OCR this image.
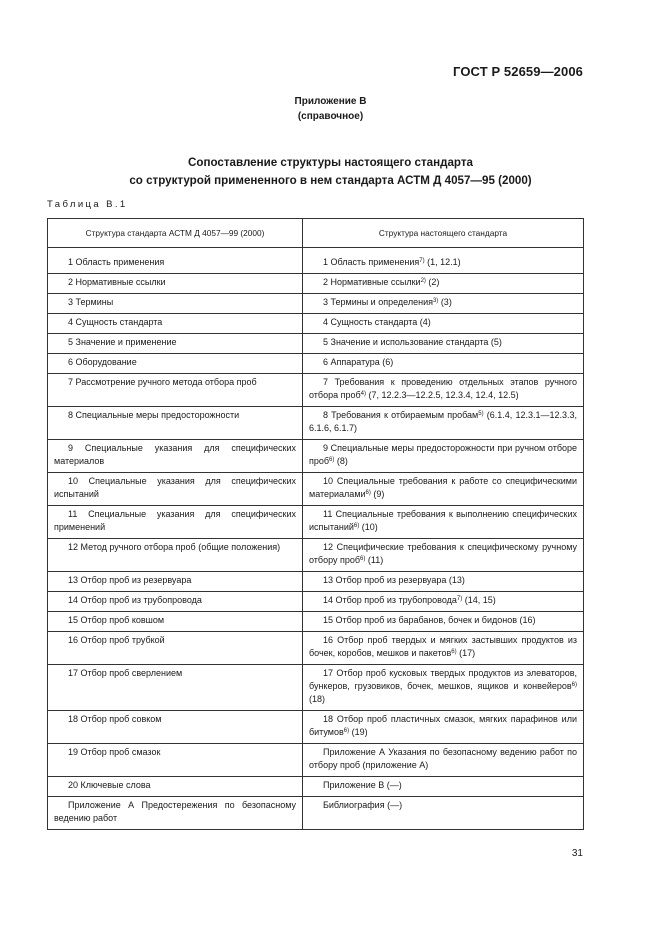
ГОСТ Р 52659—2006
Приложение В
(справочное)
Сопоставление структуры настоящего стандарта
со структурой примененного в нем стандарта АСТМ Д 4057—95 (2000)
Таблица В.1
Структура стандарта АСТМ Д 4057—99 (2000)	Структура настоящего стандарта
1 Область применения	1 Область применения$^{7)}$ (1, 12.1)
2 Нормативные ссылки	2 Нормативные ссылки$^{2)}$ (2)
3 Термины	3 Термины и определения$^{3)}$ (3)
4 Сущность стандарта	4 Сущность стандарта (4)
5 Значение и применение	5 Значение и использование стандарта (5)
6 Оборудование	6 Аппаратура (6)
7 Рассмотрение ручного метода отбора проб	7 Требования к проведению отдельных этапов ручного отбора проб$^{4)}$ (7, 12.2.3—12.2.5, 12.3.4, 12.4, 12.5)
8 Специальные меры предосторожности	8 Требования к отбираемым пробам$^{5)}$ (6.1.4, 12.3.1—12.3.3, 6.1.6, 6.1.7)
9 Специальные указания для специфических материалов	9 Специальные меры предосторожности при ручном отборе проб$^{6)}$ (8)
10 Специальные указания для специфических испытаний	10 Специальные требования к работе со специфическими материалами$^{6)}$ (9)
11 Специальные указания для специфических применений	11 Специальные требования к выполнению специфических испытаний$^{6)}$ (10)
12 Метод ручного отбора проб (общие положения)	12 Специфические требования к специфическому ручному отбору проб$^{6)}$ (11)
13 Отбор проб из резервуара	13 Отбор проб из резервуара (13)
14 Отбор проб из трубопровода	14 Отбор проб из трубопровода$^{7)}$ (14, 15)
15 Отбор проб ковшом	15 Отбор проб из барабанов, бочек и бидонов (16)
16 Отбор проб трубкой	16 Отбор проб твердых и мягких застывших продуктов из бочек, коробов, мешков и пакетов$^{6)}$ (17)
17 Отбор проб сверлением	17 Отбор проб кусковых твердых продуктов из элеваторов, бункеров, грузовиков, бочек, мешков, ящиков и конвейеров$^{6)}$ (18)
18 Отбор проб совком	18 Отбор проб пластичных смазок, мягких парафинов или битумов$^{6)}$ (19)
19 Отбор проб смазок	Приложение А Указания по безопасному ведению работ по отбору проб (приложение А)
20 Ключевые слова	Приложение В (—)
Приложение А Предостережения по безопасному ведению работ	Библиография (—)
31
